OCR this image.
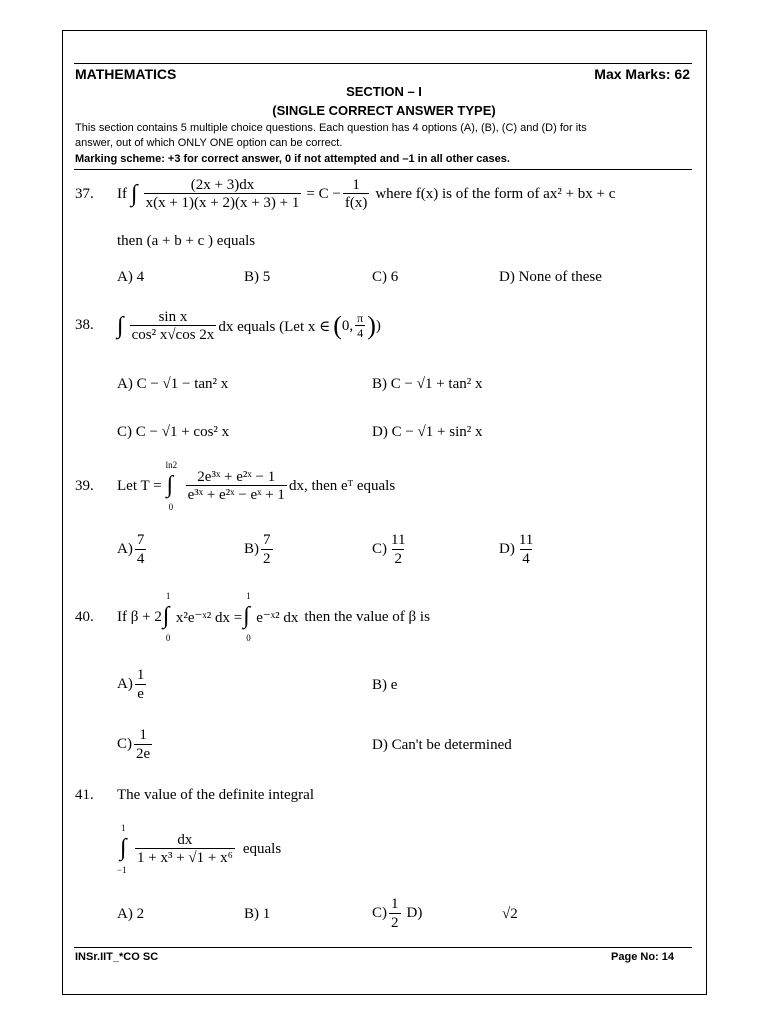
MATHEMATICS	Max Marks: 62
SECTION – I
(SINGLE CORRECT ANSWER TYPE)
This section contains 5 multiple choice questions. Each question has 4 options (A), (B), (C) and (D) for its
answer, out of which ONLY ONE option can be correct.
Marking scheme: +3 for correct answer, 0 if not attempted and –1 in all other cases.
37. If ∫ $\frac{(2x + 3)dx}{x(x + 1)(x + 2)(x + 3) + 1} = C - \frac{1}{f(x)}$ where f(x) is of the form of ax² + bx + c
then (a + b + c ) equals
A) 4	B) 5	C) 6	D) None of these
38. ∫ $\frac{\text{sin x}}{\text{cos² x√cos 2x}}$ dx equals (Let x ∈ ( 0, $\frac{\pi}{4}$ ) )
A) C − √1 − tan² x	B) C − √1 + tan² x
C) C − √1 + cos² x	D) C − √1 + sin² x
39. Let T =
ln2
∫
0
$\frac{\text{2e³ˣ + e²ˣ − 1}}{\text{e³ˣ + e²ˣ − eˣ + 1}}$ dx, then eᵀ equals
$A) \frac{7}{4}$	$B) \frac{7}{2}$	$C) \frac{11}{2}$	$D) \frac{11}{4}$
40. If β + 2
1
∫
0
x²e⁻ˣ² dx =
1
∫
0
e⁻ˣ² dx then the value of β is
$A) \frac{1}{e}$	B) e
$C) \frac{1}{2e}$	D) Can't be determined
41. The value of the definite integral
1
∫
−1
$\frac{dx}{\text{1 + x³ + √1 + x⁶}}$ equals
A) 2	B) 1	$C) \frac{1}{2} D$)	√2
INSr.IIT_*CO SC	Page No: 14
